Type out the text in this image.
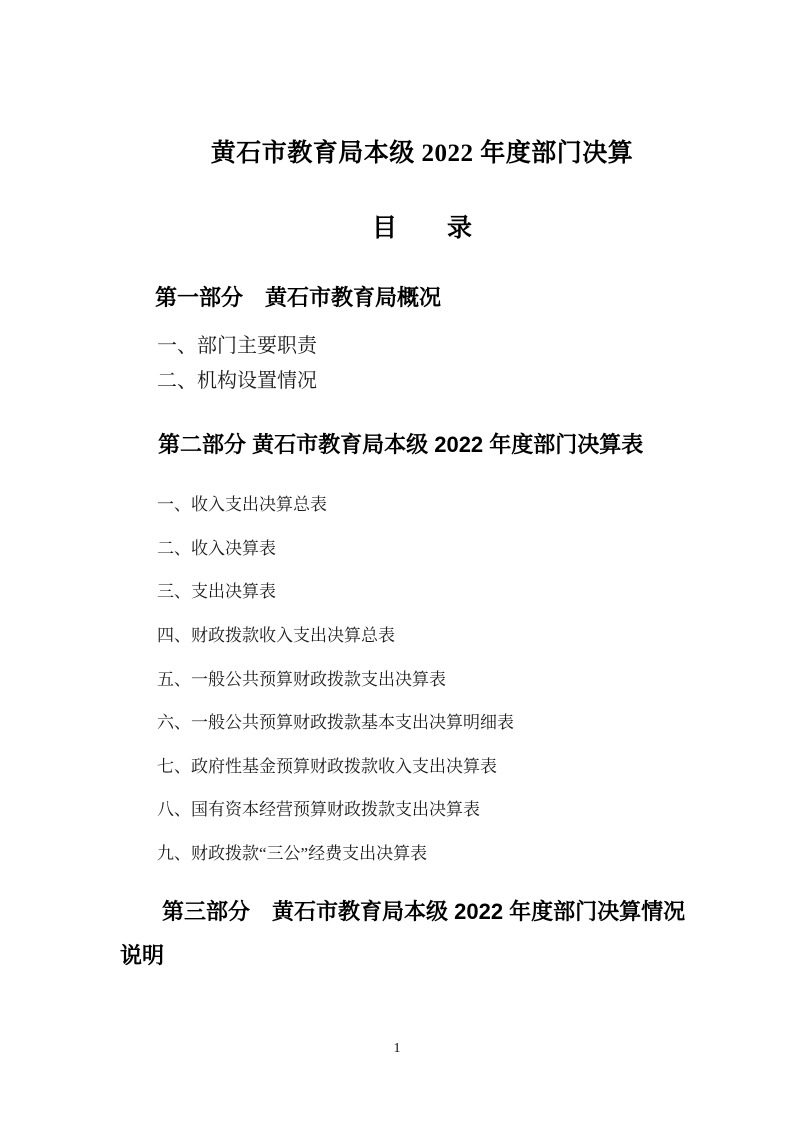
黄石市教育局本级 2022 年度部门决算
目　　录
第一部分　黄石市教育局概况
一、部门主要职责
二、机构设置情况
第二部分 黄石市教育局本级 2022 年度部门决算表
一、收入支出决算总表
二、收入决算表
三、支出决算表
四、财政拨款收入支出决算总表
五、一般公共预算财政拨款支出决算表
六、一般公共预算财政拨款基本支出决算明细表
七、政府性基金预算财政拨款收入支出决算表
八、国有资本经营预算财政拨款支出决算表
九、财政拨款“三公”经费支出决算表
第三部分　黄石市教育局本级 2022 年度部门决算情况
说明
1
